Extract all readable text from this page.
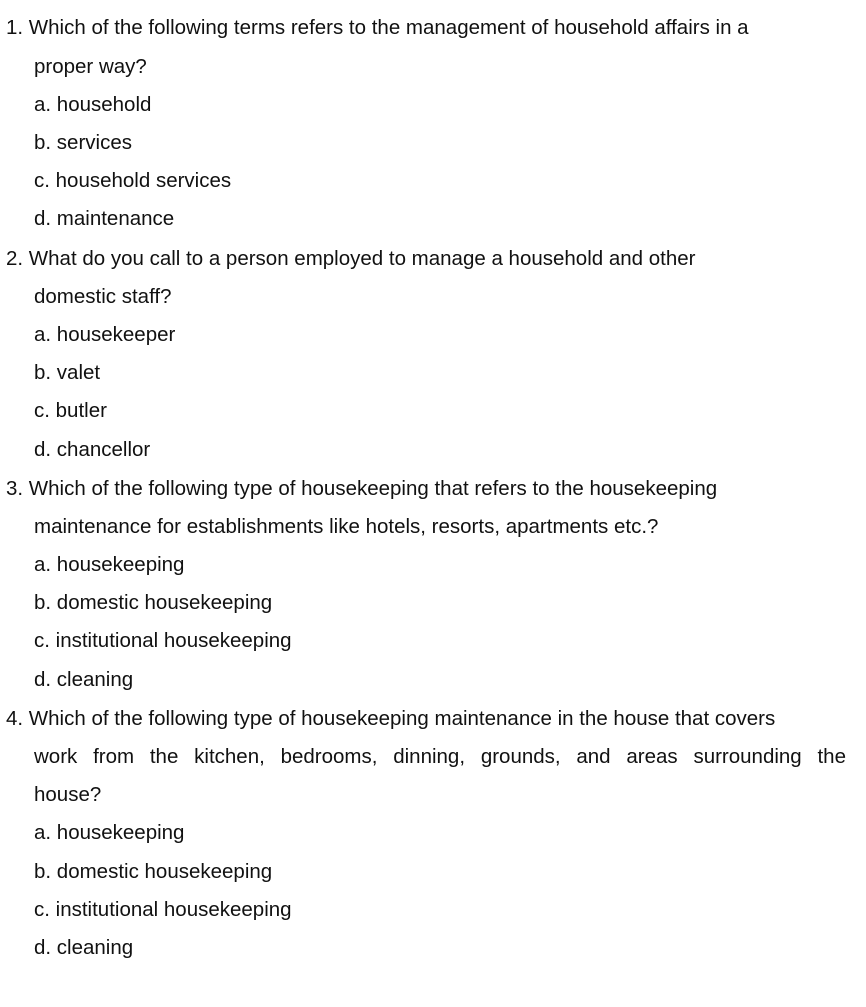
1. Which of the following terms refers to the management of household affairs in a
proper way?
a. household
b. services
c. household services
d. maintenance
2. What do you call to a person employed to manage a household and other
domestic staff?
a. housekeeper
b. valet
c. butler
d. chancellor
3. Which of the following type of housekeeping that refers to the housekeeping
maintenance for establishments like hotels, resorts, apartments etc.?
a. housekeeping
b. domestic housekeeping
c. institutional housekeeping
d. cleaning
4. Which of the following type of housekeeping maintenance in the house that covers
work from the kitchen, bedrooms, dinning, grounds, and areas surrounding the
house?
a. housekeeping
b. domestic housekeeping
c. institutional housekeeping
d. cleaning
